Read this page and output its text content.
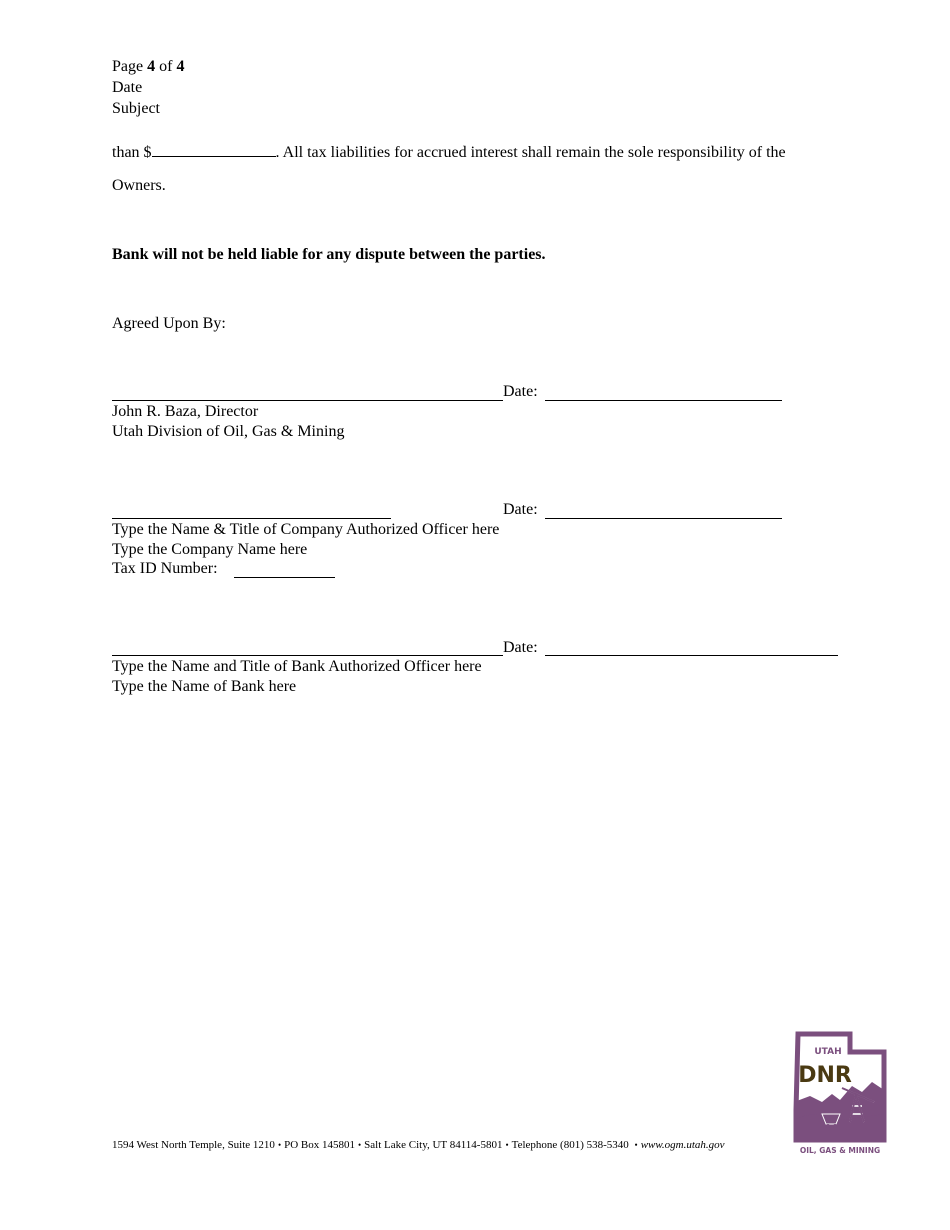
Page 4 of 4
Date
Subject
than $	. All tax liabilities for accrued interest shall remain the sole responsibility of the
Owners.
Bank will not be held liable for any dispute between the parties.
Agreed Upon By:
Date:
John R. Baza, Director
Utah Division of Oil, Gas & Mining
Date:
Type the Name & Title of Company Authorized Officer here
Type the Company Name here
Tax ID Number:
Date:
Type the Name and Title of Bank Authorized Officer here
Type the Name of Bank here
1594 West North Temple, Suite 1210 • PO Box 145801 • Salt Lake City, UT 84114-5801 • Telephone (801) 538-5340 • www.ogm.utah.gov
UTAH
DNR
OIL, GAS & MINING
